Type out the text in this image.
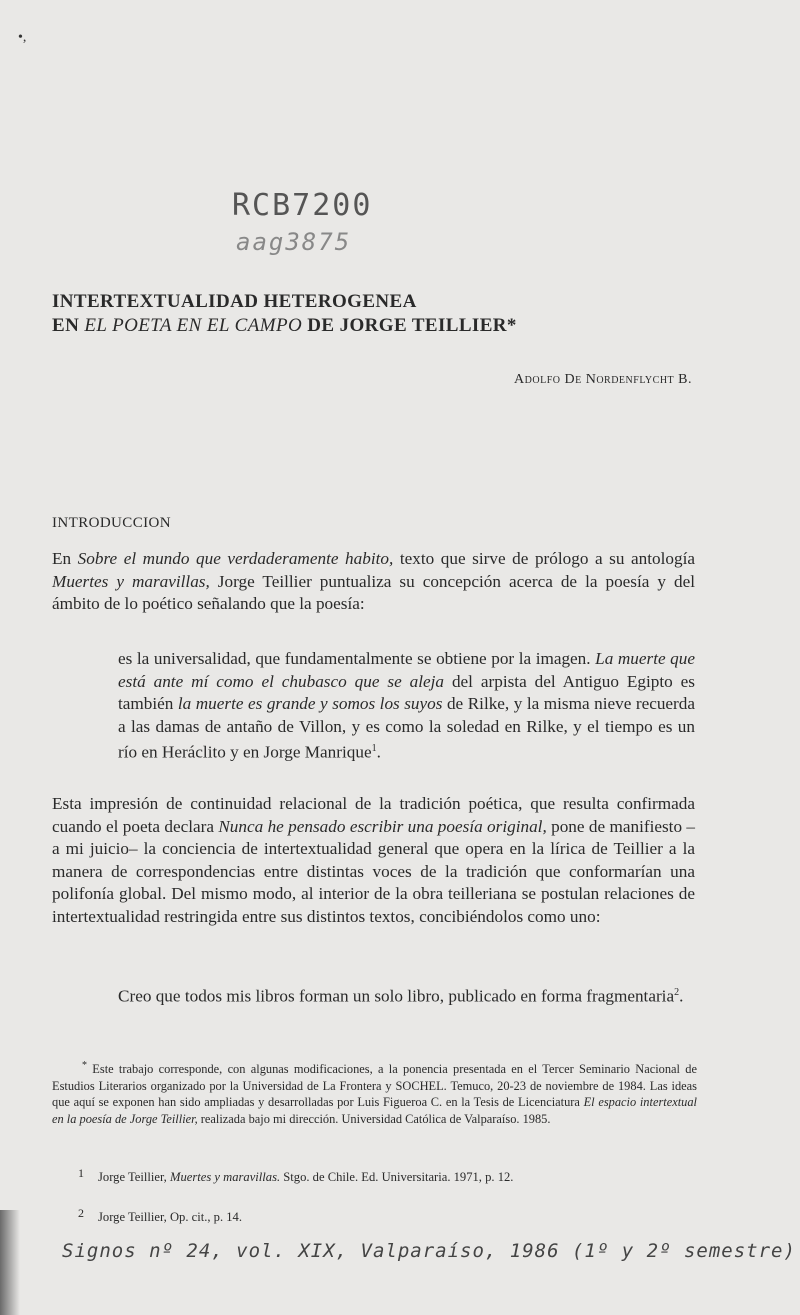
•,
RCB7200
aag3875
INTERTEXTUALIDAD HETEROGENEA
EN EL POETA EN EL CAMPO DE JORGE TEILLIER*
Adolfo De Nordenflycht B.
INTRODUCCION
En Sobre el mundo que verdaderamente habito, texto que sirve de prólogo a su antología Muertes y maravillas, Jorge Teillier puntualiza su concepción acerca de la poesía y del ámbito de lo poético señalando que la poesía:
es la universalidad, que fundamentalmente se obtiene por la imagen. La muerte que está ante mí como el chubasco que se aleja del arpista del Antiguo Egipto es también la muerte es grande y somos los suyos de Rilke, y la misma nieve recuerda a las damas de antaño de Villon, y es como la soledad en Rilke, y el tiempo es un río en Heráclito y en Jorge Manrique$^1$.
Esta impresión de continuidad relacional de la tradición poética, que resulta confirmada cuando el poeta declara Nunca he pensado escribir una poesía original, pone de manifiesto –a mi juicio– la conciencia de intertextualidad general que opera en la lírica de Teillier a la manera de correspondencias entre distintas voces de la tradición que conformarían una polifonía global. Del mismo modo, al interior de la obra teilleriana se postulan relaciones de intertextualidad restringida entre sus distintos textos, concibiéndolos como uno:
Creo que todos mis libros forman un solo libro, publicado en forma fragmentaria$^2$.
* Este trabajo corresponde, con algunas modificaciones, a la ponencia presentada en el Tercer Seminario Nacional de Estudios Literarios organizado por la Universidad de La Frontera y SOCHEL. Temuco, 20-23 de noviembre de 1984. Las ideas que aquí se exponen han sido ampliadas y desarrolladas por Luis Figueroa C. en la Tesis de Licenciatura El espacio intertextual en la poesía de Jorge Teillier, realizada bajo mi dirección. Universidad Católica de Valparaíso. 1985.
1 Jorge Teillier, Muertes y maravillas. Stgo. de Chile. Ed. Universitaria. 1971, p. 12.
2 Jorge Teillier, Op. cit., p. 14.
Signos nº 24, vol. XIX, Valparaíso, 1986 (1º y 2º semestre)
